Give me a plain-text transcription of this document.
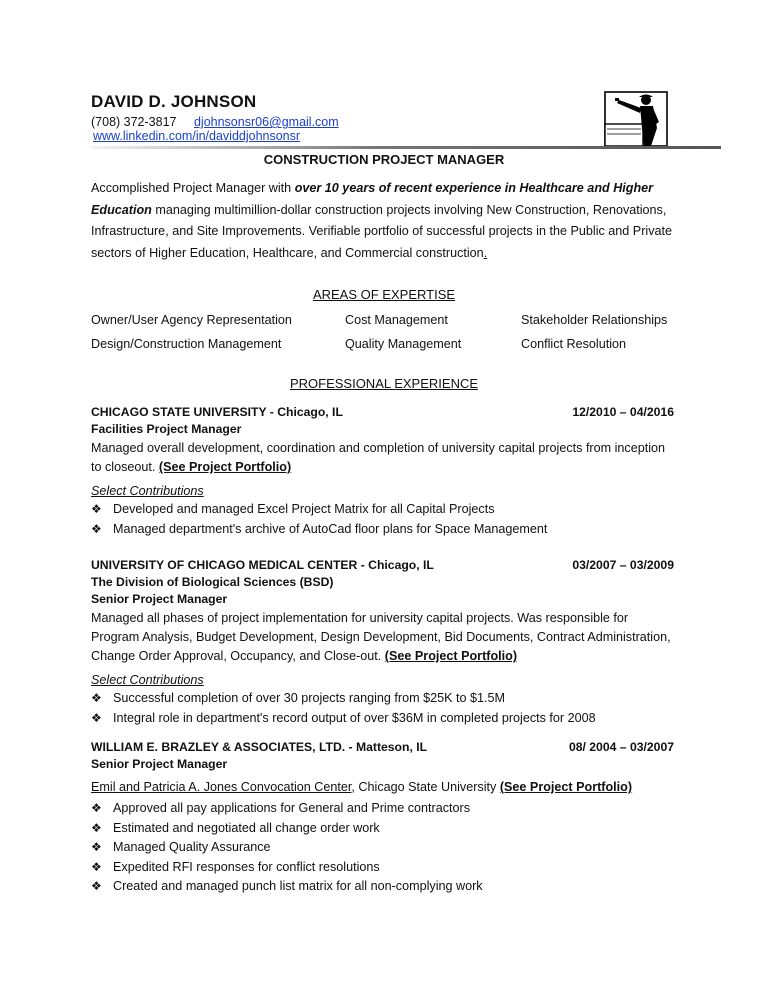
DAVID D. JOHNSON
(708) 372-3817 djohnsonsr06@gmail.com
www.linkedin.com/in/daviddjohnsonsr
CONSTRUCTION PROJECT MANAGER
Accomplished Project Manager with over 10 years of recent experience in Healthcare and Higher Education managing multimillion-dollar construction projects involving New Construction, Renovations, Infrastructure, and Site Improvements. Verifiable portfolio of successful projects in the Public and Private sectors of Higher Education, Healthcare, and Commercial construction.
AREAS OF EXPERTISE
Owner/User Agency Representation	Cost Management	Stakeholder Relationships
Design/Construction Management	Quality Management	Conflict Resolution
PROFESSIONAL EXPERIENCE
CHICAGO STATE UNIVERSITY - Chicago, IL	12/2010 – 04/2016
Facilities Project Manager
Managed overall development, coordination and completion of university capital projects from inception to closeout. (See Project Portfolio)
Select Contributions
❖ Developed and managed Excel Project Matrix for all Capital Projects
❖ Managed department's archive of AutoCad floor plans for Space Management
UNIVERSITY OF CHICAGO MEDICAL CENTER - Chicago, IL	03/2007 – 03/2009
The Division of Biological Sciences (BSD)
Senior Project Manager
Managed all phases of project implementation for university capital projects. Was responsible for Program Analysis, Budget Development, Design Development, Bid Documents, Contract Administration, Change Order Approval, Occupancy, and Close-out. (See Project Portfolio)
Select Contributions
❖ Successful completion of over 30 projects ranging from $25K to $1.5M
❖ Integral role in department's record output of over $36M in completed projects for 2008
WILLIAM E. BRAZLEY & ASSOCIATES, LTD. - Matteson, IL	08/ 2004 – 03/2007
Senior Project Manager
Emil and Patricia A. Jones Convocation Center, Chicago State University (See Project Portfolio)
❖ Approved all pay applications for General and Prime contractors
❖ Estimated and negotiated all change order work
❖ Managed Quality Assurance
❖ Expedited RFI responses for conflict resolutions
❖ Created and managed punch list matrix for all non-complying work
